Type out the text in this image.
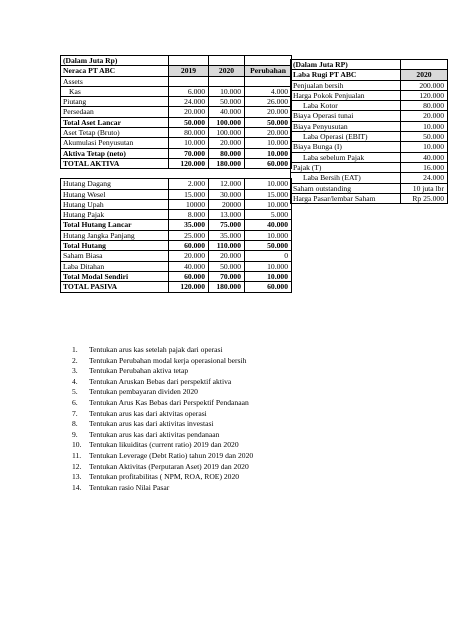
(Dalam Juta Rp)			
Neraca PT ABC	2019	2020	Perubahan
Assets			
Kas	6.000	10.000	4.000
Piutang	24.000	50.000	26.000
Persedaan	20.000	40.000	20.000
Total Aset Lancar	50.000	100.000	50.000
Aset Tetap (Bruto)	80.000	100.000	20.000
Akumulasi Penyusutan	10.000	20.000	10.000
Aktiva Tetap (neto)	70.000	80.000	10.000
TOTAL AKTIVA	120.000	180.000	60.000

Hutang Dagang	2.000	12.000	10.000
Hutang Wesel	15.000	30.000	15.000
Hutang Upah	10000	20000	10.000
Hutang Pajak	8.000	13.000	5.000
Total Hutang Lancar	35.000	75.000	40.000
Hutang Jangka Panjang	25.000	35.000	10.000
Total Hutang	60.000	110.000	50.000
Saham Biasa	20.000	20.000	0
Laba Ditahan	40.000	50.000	10.000
Total Modal Sendiri	60.000	70.000	10.000
TOTAL PASIVA	120.000	180.000	60.000
(Dalam Juta RP)	
Laba Rugi PT ABC	2020
Penjualan bersih	200.000
Harga Pokok Penjualan	120.000
Laba Kotor	80.000
Biaya Operasi tunai	20.000
Biaya Penyusutan	10.000
Laba Operasi (EBIT)	50.000
Biaya Bunga (I)	10.000
Laba sebelum Pajak	40.000
Pajak (T)	16.000
Laba Bersih (EAT)	24.000
Saham outstanding	10 juta lbr
Harga Pasar/lembar Saham	Rp 25.000
1.	Tentukan arus kas setelah pajak dari operasi
2.	Tentukan Perubahan modal kerja operasional bersih
3.	Tentukan Perubahan aktiva tetap
4.	Tentukan Aruskan Bebas dari perspektif aktiva
5.	Tentukan pembayaran dividen 2020
6.	Tentukan Arus Kas Bebas dari Perspektif Pendanaan
7.	Tentukan arus kas dari aktvitas operasi
8.	Tentukan arus kas dari aktivitas investasi
9.	Tentukan arus kas dari aktivitas pendanaan
10. Tentukan likuiditas (current ratio) 2019 dan 2020
11.	Tentukan Leverage (Debt Ratio) tahun 2019 dan 2020
12. Tentukan Aktivitas (Perputaran Aset) 2019 dan 2020
13. Tentukan profitabilitas ( NPM, ROA, ROE) 2020
14. Tentukan rasio Nilai Pasar
